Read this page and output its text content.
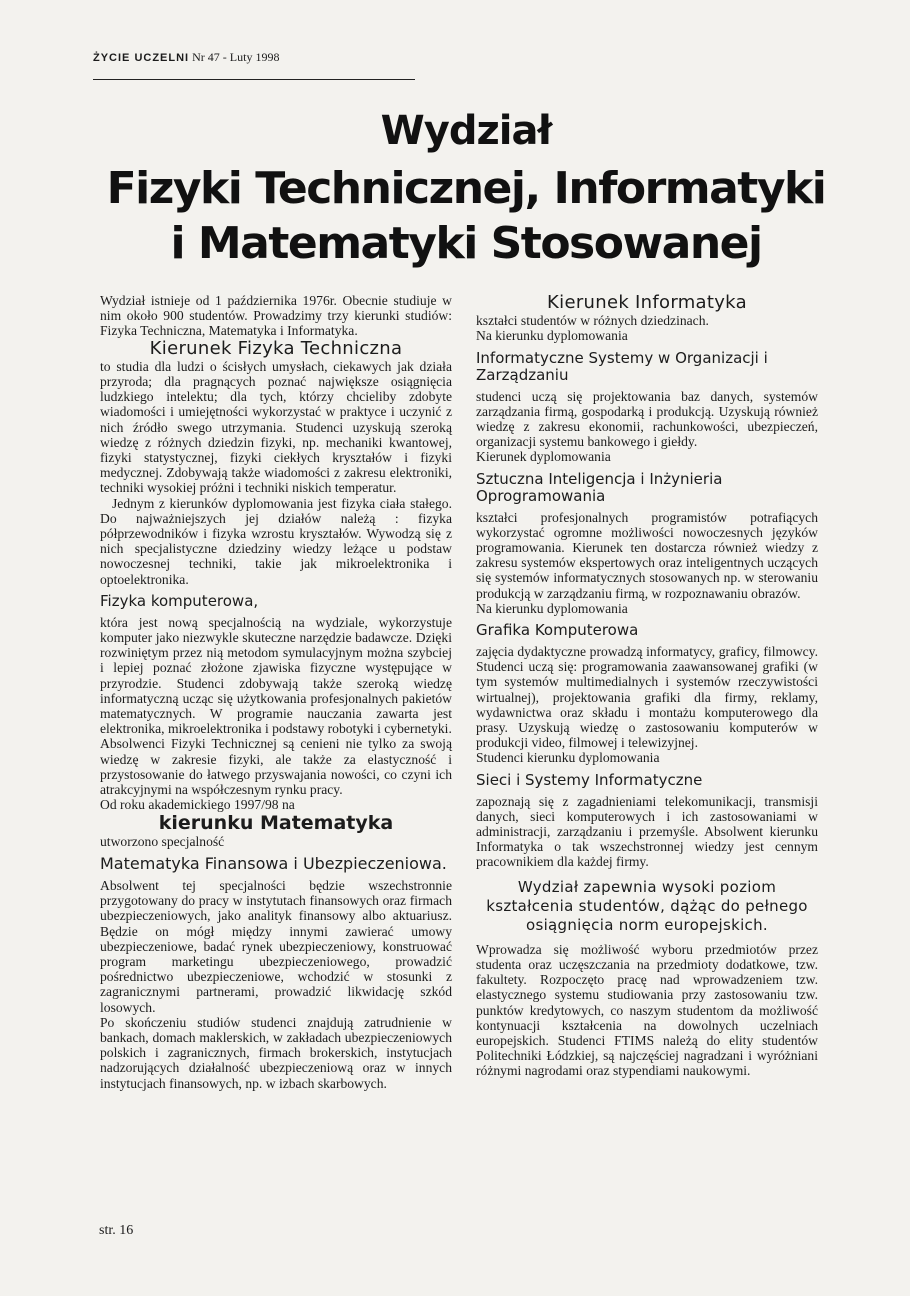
ŻYCIE UCZELNI Nr 47 - Luty 1998
Wydział
Fizyki Technicznej, Informatyki
i Matematyki Stosowanej

Wydział istnieje od 1 października 1976r. Obecnie studiuje w nim około 900 studentów. Prowadzimy trzy kierunki studiów: Fizyka Techniczna, Matematyka i Informatyka.

Kierunek Fizyka Techniczna

to studia dla ludzi o ścisłych umysłach, ciekawych jak działa przyroda; dla pragnących poznać największe osiągnięcia ludzkiego intelektu; dla tych, którzy chcieliby zdobyte wiadomości i umiejętności wykorzystać w praktyce i uczynić z nich źródło swego utrzymania. Studenci uzyskują szeroką wiedzę z różnych dziedzin fizyki, np. mechaniki kwantowej, fizyki statystycznej, fizyki ciekłych kryształów i fizyki medycznej. Zdobywają także wiadomości z zakresu elektroniki, techniki wysokiej próżni i techniki niskich temperatur.

Jednym z kierunków dyplomowania jest fizyka ciała stałego. Do najważniejszych jej działów należą : fizyka półprzewodników i fizyka wzrostu kryształów. Wywodzą się z nich specjalistyczne dziedziny wiedzy leżące u podstaw nowoczesnej techniki, takie jak mikroelektronika i optoelektronika.

Fizyka komputerowa,

która jest nową specjalnością na wydziale, wykorzystuje komputer jako niezwykle skuteczne narzędzie badawcze. Dzięki rozwiniętym przez nią metodom symulacyjnym można szybciej i lepiej poznać złożone zjawiska fizyczne występujące w przyrodzie. Studenci zdobywają także szeroką wiedzę informatyczną ucząc się użytkowania profesjonalnych pakietów matematycznych. W programie nauczania zawarta jest elektronika, mikroelektronika i podstawy robotyki i cybernetyki.

Absolwenci Fizyki Technicznej są cenieni nie tylko za swoją wiedzę w zakresie fizyki, ale także za elastyczność i przystosowanie do łatwego przyswajania nowości, co czyni ich atrakcyjnymi na współczesnym rynku pracy.

Od roku akademickiego 1997/98 na

kierunku Matematyka

utworzono specjalność

Matematyka Finansowa i Ubezpieczeniowa.

Absolwent tej specjalności będzie wszechstronnie przygotowany do pracy w instytutach finansowych oraz firmach ubezpieczeniowych, jako analityk finansowy albo aktuariusz. Będzie on mógł między innymi zawierać umowy ubezpieczeniowe, badać rynek ubezpieczeniowy, konstruować program marketingu ubezpieczeniowego, prowadzić pośrednictwo ubezpieczeniowe, wchodzić w stosunki z zagranicznymi partnerami, prowadzić likwidację szkód losowych.

Po skończeniu studiów studenci znajdują zatrudnienie w bankach, domach maklerskich, w zakładach ubezpieczeniowych polskich i zagranicznych, firmach brokerskich, instytucjach nadzorujących działalność ubezpieczeniową oraz w innych instytucjach finansowych, np. w izbach skarbowych.

Kierunek Informatyka

kształci studentów w różnych dziedzinach.

Na kierunku dyplomowania

Informatyczne Systemy w Organizacji i Zarządzaniu

studenci uczą się projektowania baz danych, systemów zarządzania firmą, gospodarką i produkcją. Uzyskują również wiedzę z zakresu ekonomii, rachunkowości, ubezpieczeń, organizacji systemu bankowego i giełdy.

Kierunek dyplomowania

Sztuczna Inteligencja i Inżynieria Oprogramowania

kształci profesjonalnych programistów potrafiących wykorzystać ogromne możliwości nowoczesnych języków programowania. Kierunek ten dostarcza również wiedzy z zakresu systemów ekspertowych oraz inteligentnych uczących się systemów informatycznych stosowanych np. w sterowaniu produkcją w zarządzaniu firmą, w rozpoznawaniu obrazów.

Na kierunku dyplomowania

Grafika Komputerowa

zajęcia dydaktyczne prowadzą informatycy, graficy, filmowcy. Studenci uczą się: programowania zaawansowanej grafiki (w tym systemów multimedialnych i systemów rzeczywistości wirtualnej), projektowania grafiki dla firmy, reklamy, wydawnictwa oraz składu i montażu komputerowego dla prasy. Uzyskują wiedzę o zastosowaniu komputerów w produkcji video, filmowej i telewizyjnej.

Studenci kierunku dyplomowania

Sieci i Systemy Informatyczne

zapoznają się z zagadnieniami telekomunikacji, transmisji danych, sieci komputerowych i ich zastosowaniami w administracji, zarządzaniu i przemyśle. Absolwent kierunku Informatyka o tak wszechstronnej wiedzy jest cennym pracownikiem dla każdej firmy.

Wydział zapewnia wysoki poziom kształcenia studentów, dążąc do pełnego osiągnięcia norm europejskich.

Wprowadza się możliwość wyboru przedmiotów przez studenta oraz uczęszczania na przedmioty dodatkowe, tzw. fakultety. Rozpoczęto pracę nad wprowadzeniem tzw. elastycznego systemu studiowania przy zastosowaniu tzw. punktów kredytowych, co naszym studentom da możliwość kontynuacji kształcenia na dowolnych uczelniach europejskich. Studenci FTIMS należą do elity studentów Politechniki Łódzkiej, są najczęściej nagradzani i wyróżniani różnymi nagrodami oraz stypendiami naukowymi.

str. 16
